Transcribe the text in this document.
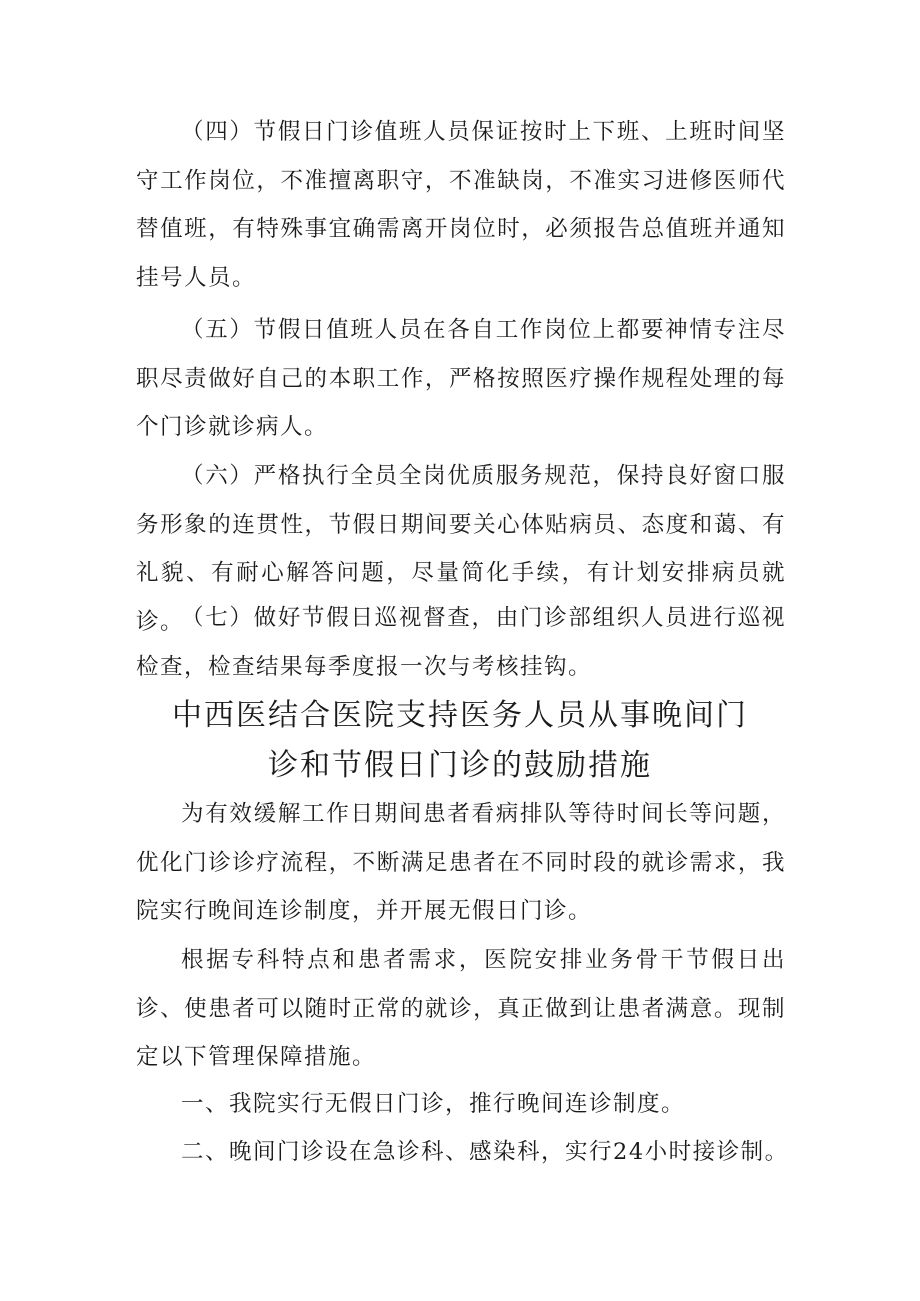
（四）节假日门诊值班人员保证按时上下班、上班时间坚守工作岗位，不准擅离职守，不准缺岗，不准实习进修医师代替值班，有特殊事宜确需离开岗位时，必须报告总值班并通知挂号人员。

（五）节假日值班人员在各自工作岗位上都要神情专注尽职尽责做好自己的本职工作，严格按照医疗操作规程处理的每个门诊就诊病人。

（六）严格执行全员全岗优质服务规范，保持良好窗口服务形象的连贯性，节假日期间要关心体贴病员、态度和蔼、有礼貌、有耐心解答问题，尽量简化手续，有计划安排病员就诊。

（七）做好节假日巡视督查，由门诊部组织人员进行巡视检查，检查结果每季度报一次与考核挂钩。

中西医结合医院支持医务人员从事晚间门
诊和节假日门诊的鼓励措施

为有效缓解工作日期间患者看病排队等待时间长等问题，优化门诊诊疗流程，不断满足患者在不同时段的就诊需求，我院实行晚间连诊制度，并开展无假日门诊。

根据专科特点和患者需求，医院安排业务骨干节假日出诊、使患者可以随时正常的就诊，真正做到让患者满意。现制定以下管理保障措施。

一、我院实行无假日门诊，推行晚间连诊制度。

二、晚间门诊设在急诊科、感染科，实行24小时接诊制。
